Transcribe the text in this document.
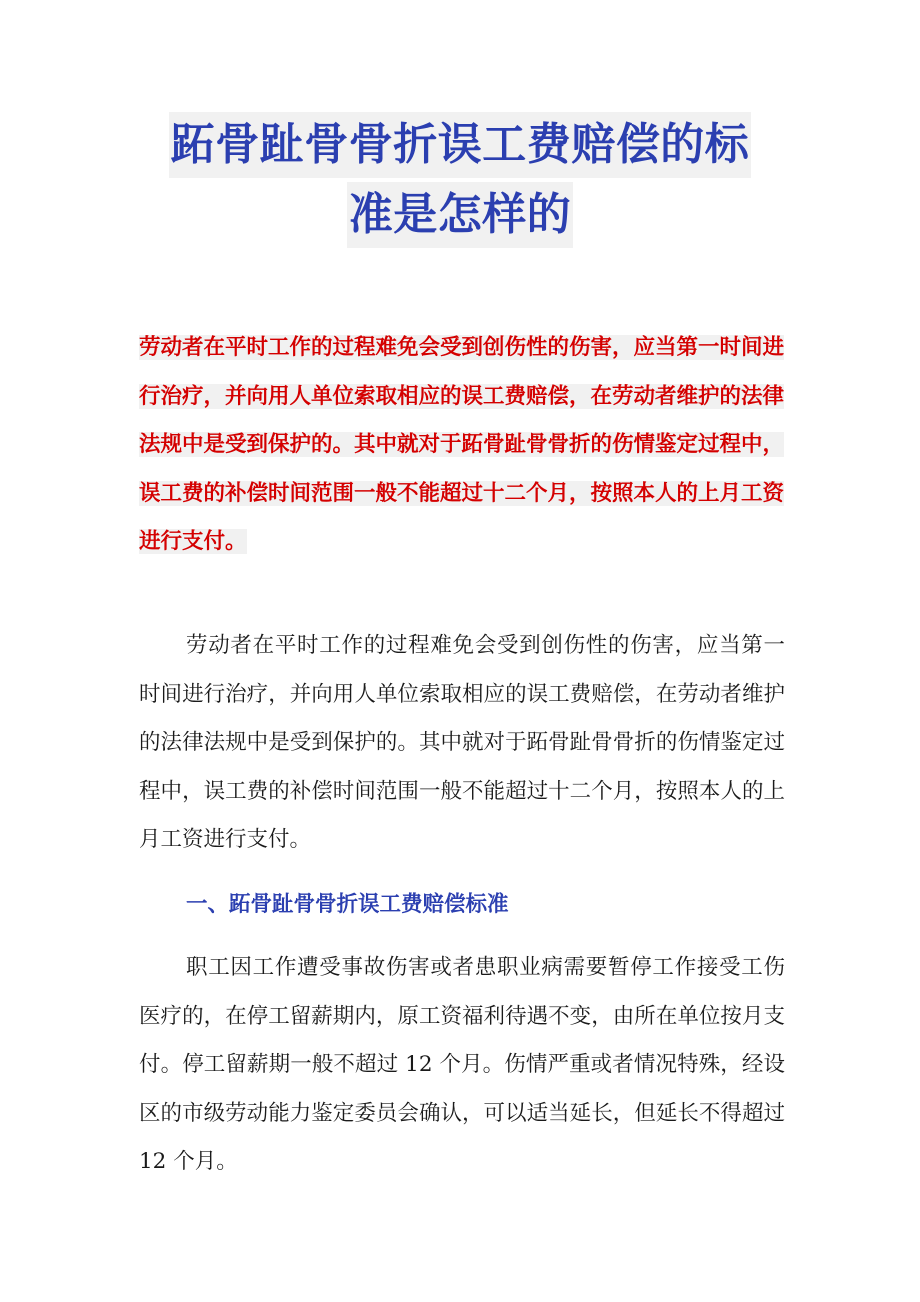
跖骨趾骨骨折误工费赔偿的标
准是怎样的

劳动者在平时工作的过程难免会受到创伤性的伤害，应当第一时间进行治疗，并向用人单位索取相应的误工费赔偿，在劳动者维护的法律法规中是受到保护的。其中就对于跖骨趾骨骨折的伤情鉴定过程中，误工费的补偿时间范围一般不能超过十二个月，按照本人的上月工资进行支付。

劳动者在平时工作的过程难免会受到创伤性的伤害，应当第一时间进行治疗，并向用人单位索取相应的误工费赔偿，在劳动者维护的法律法规中是受到保护的。其中就对于跖骨趾骨骨折的伤情鉴定过程中，误工费的补偿时间范围一般不能超过十二个月，按照本人的上月工资进行支付。

一、跖骨趾骨骨折误工费赔偿标准

职工因工作遭受事故伤害或者患职业病需要暂停工作接受工伤医疗的，在停工留薪期内，原工资福利待遇不变，由所在单位按月支付。停工留薪期一般不超过 12 个月。伤情严重或者情况特殊，经设区的市级劳动能力鉴定委员会确认，可以适当延长，但延长不得超过 12 个月。
